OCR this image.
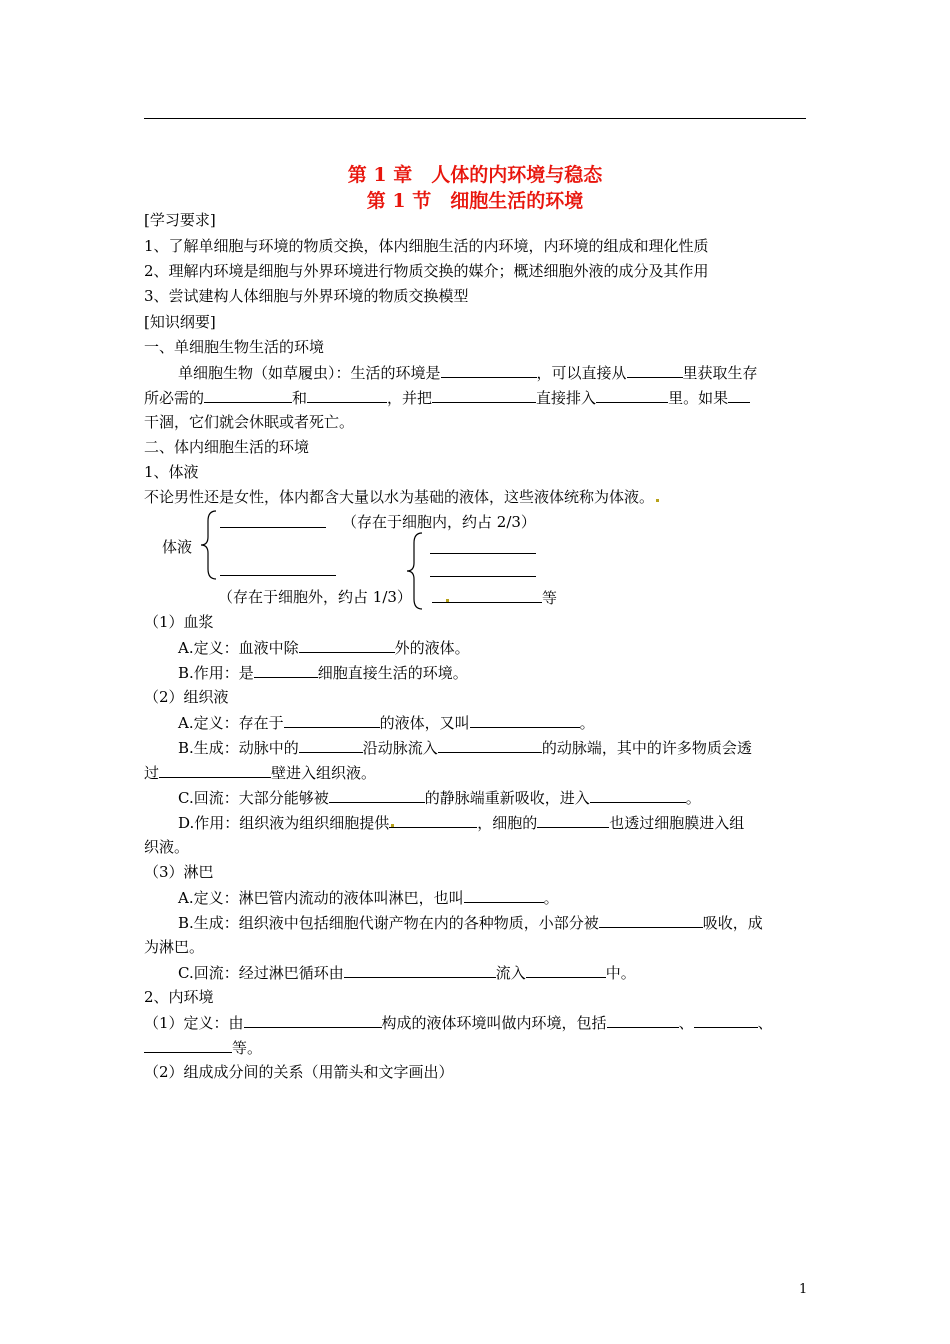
第 1 章　人体的内环境与稳态
第 1 节　细胞生活的环境
[学习要求]
1、了解单细胞与环境的物质交换，体内细胞生活的内环境，内环境的组成和理化性质
2、理解内环境是细胞与外界环境进行物质交换的媒介；概述细胞外液的成分及其作用
3、尝试建构人体细胞与外界环境的物质交换模型
[知识纲要]
一、单细胞生物生活的环境
单细胞生物（如草履虫）：生活的环境是	，可以直接从	里获取生存
所必需的	和	，并把	直接排入	里。如果
干涸，它们就会休眠或者死亡。
二、体内细胞生活的环境
1、体液
不论男性还是女性，体内都含大量以水为基础的液体，这些液体统称为体液。
体液
（存在于细胞内，约占 2/3）
（存在于细胞外，约占 1/3）	等
（1）血浆
A.定义：血液中除	外的液体。
B.作用：是	细胞直接生活的环境。
（2）组织液
A.定义：存在于	的液体，又叫	。
B.生成：动脉中的	沿动脉流入	的动脉端，其中的许多物质会透
过	壁进入组织液。
C.回流：大部分能够被	的静脉端重新吸收，进入	。
D.作用：组织液为组织细胞提供	，细胞的	也透过细胞膜进入组
织液。
（3）淋巴
A.定义：淋巴管内流动的液体叫淋巴，也叫	。
B.生成：组织液中包括细胞代谢产物在内的各种物质，小部分被	吸收，成
为淋巴。
C.回流：经过淋巴循环由	流入	中。
2、内环境
（1）定义：由	构成的液体环境叫做内环境，包括	、	、
等。
（2）组成成分间的关系（用箭头和文字画出）
1
